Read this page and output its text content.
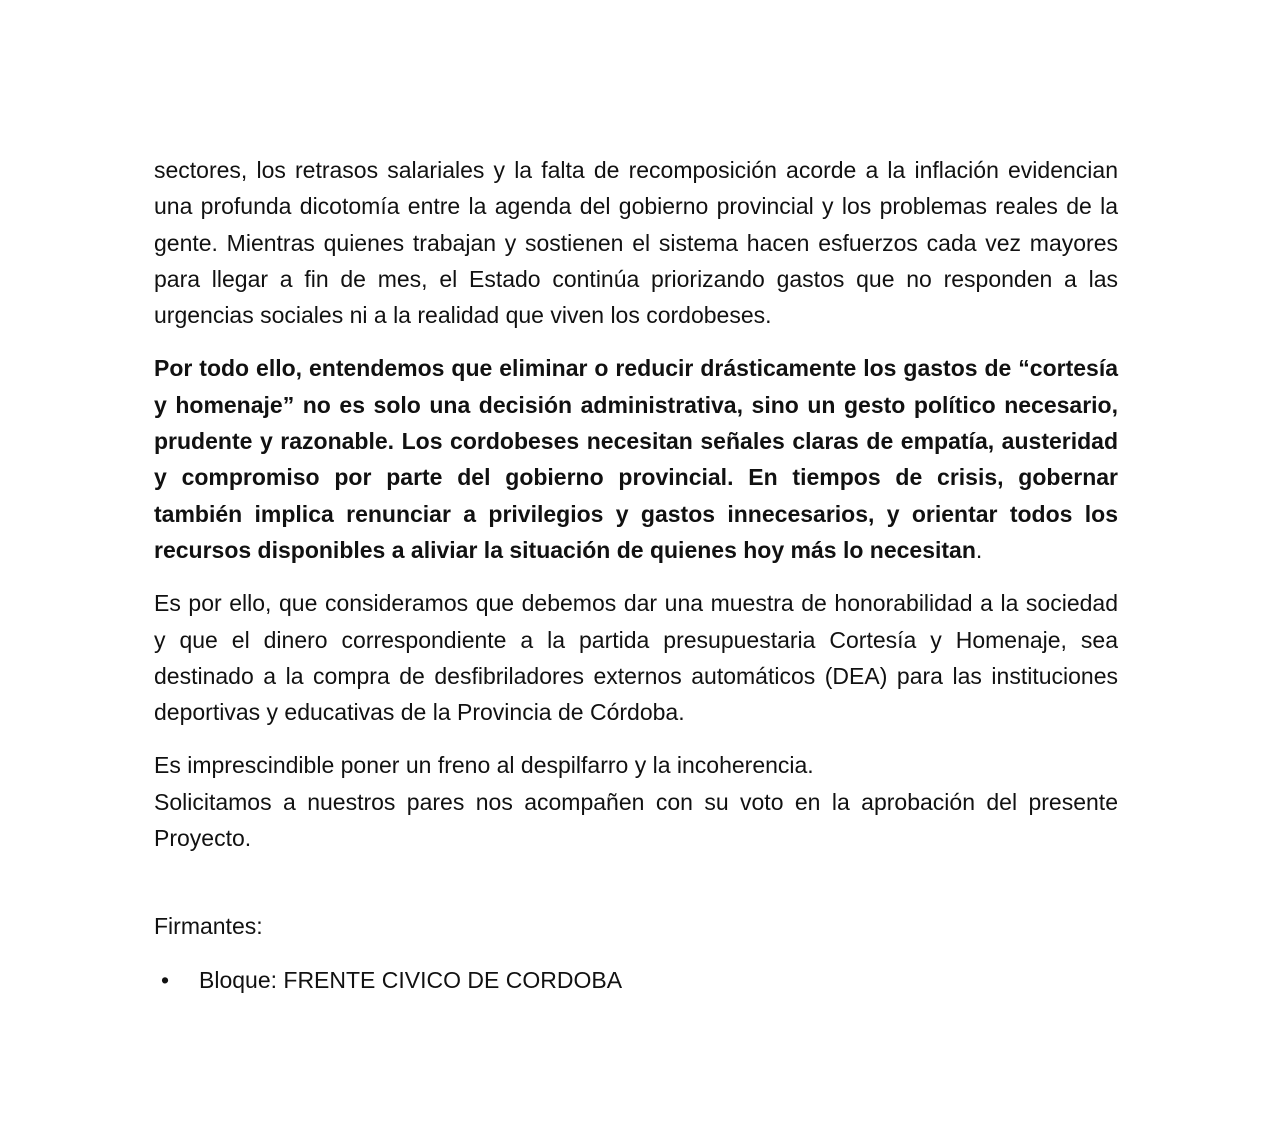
sectores, los retrasos salariales y la falta de recomposición acorde a la inflación evidencian una profunda dicotomía entre la agenda del gobierno provincial y los problemas reales de la gente. Mientras quienes trabajan y sostienen el sistema hacen esfuerzos cada vez mayores para llegar a fin de mes, el Estado continúa priorizando gastos que no responden a las urgencias sociales ni a la realidad que viven los cordobeses.

Por todo ello, entendemos que eliminar o reducir drásticamente los gastos de “cortesía y homenaje” no es solo una decisión administrativa, sino un gesto político necesario, prudente y razonable. Los cordobeses necesitan señales claras de empatía, austeridad y compromiso por parte del gobierno provincial. En tiempos de crisis, gobernar también implica renunciar a privilegios y gastos innecesarios, y orientar todos los recursos disponibles a aliviar la situación de quienes hoy más lo necesitan.

Es por ello, que consideramos que debemos dar una muestra de honorabilidad a la sociedad y que el dinero correspondiente a la partida presupuestaria Cortesía y Homenaje, sea destinado a la compra de desfibriladores externos automáticos (DEA) para las instituciones deportivas y educativas de la Provincia de Córdoba.

Es imprescindible poner un freno al despilfarro y la incoherencia.
Solicitamos a nuestros pares nos acompañen con su voto en la aprobación del presente Proyecto.

Firmantes:

• Bloque: FRENTE CIVICO DE CORDOBA
